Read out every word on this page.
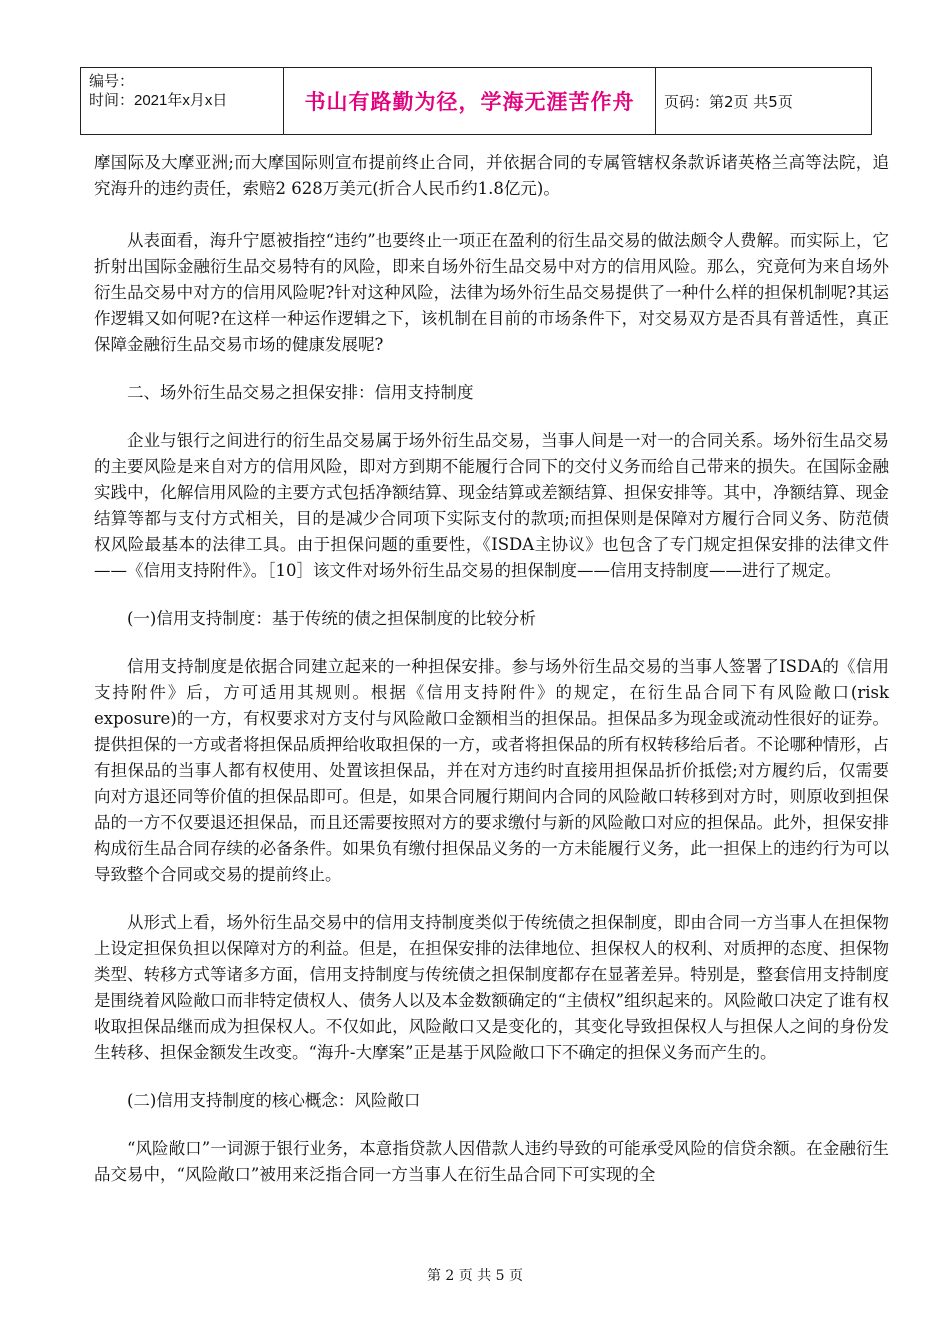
编号：
时间：2021年x月x日	书山有路勤为径，学海无涯苦作舟	页码：第2页 共5页

摩国际及大摩亚洲;而大摩国际则宣布提前终止合同，并依据合同的专属管辖权条款诉诸英格兰高等法院，追究海升的违约责任，索赔2 628万美元(折合人民币约1.8亿元)。

从表面看，海升宁愿被指控“违约”也要终止一项正在盈利的衍生品交易的做法颇令人费解。而实际上，它折射出国际金融衍生品交易特有的风险，即来自场外衍生品交易中对方的信用风险。那么，究竟何为来自场外衍生品交易中对方的信用风险呢?针对这种风险，法律为场外衍生品交易提供了一种什么样的担保机制呢?其运作逻辑又如何呢?在这样一种运作逻辑之下，该机制在目前的市场条件下，对交易双方是否具有普适性，真正保障金融衍生品交易市场的健康发展呢?

二、场外衍生品交易之担保安排：信用支持制度

企业与银行之间进行的衍生品交易属于场外衍生品交易，当事人间是一对一的合同关系。场外衍生品交易的主要风险是来自对方的信用风险，即对方到期不能履行合同下的交付义务而给自己带来的损失。在国际金融实践中，化解信用风险的主要方式包括净额结算、现金结算或差额结算、担保安排等。其中，净额结算、现金结算等都与支付方式相关，目的是减少合同项下实际支付的款项;而担保则是保障对方履行合同义务、防范债权风险最基本的法律工具。由于担保问题的重要性，《ISDA主协议》也包含了专门规定担保安排的法律文件——《信用支持附件》。［10］该文件对场外衍生品交易的担保制度——信用支持制度——进行了规定。

(一)信用支持制度：基于传统的债之担保制度的比较分析

信用支持制度是依据合同建立起来的一种担保安排。参与场外衍生品交易的当事人签署了ISDA的《信用支持附件》后，方可适用其规则。根据《信用支持附件》的规定，在衍生品合同下有风险敞口(risk exposure)的一方，有权要求对方支付与风险敞口金额相当的担保品。担保品多为现金或流动性很好的证券。提供担保的一方或者将担保品质押给收取担保的一方，或者将担保品的所有权转移给后者。不论哪种情形，占有担保品的当事人都有权使用、处置该担保品，并在对方违约时直接用担保品折价抵偿;对方履约后，仅需要向对方退还同等价值的担保品即可。但是，如果合同履行期间内合同的风险敞口转移到对方时，则原收到担保品的一方不仅要退还担保品，而且还需要按照对方的要求缴付与新的风险敞口对应的担保品。此外，担保安排构成衍生品合同存续的必备条件。如果负有缴付担保品义务的一方未能履行义务，此一担保上的违约行为可以导致整个合同或交易的提前终止。

从形式上看，场外衍生品交易中的信用支持制度类似于传统债之担保制度，即由合同一方当事人在担保物上设定担保负担以保障对方的利益。但是，在担保安排的法律地位、担保权人的权利、对质押的态度、担保物类型、转移方式等诸多方面，信用支持制度与传统债之担保制度都存在显著差异。特别是，整套信用支持制度是围绕着风险敞口而非特定债权人、债务人以及本金数额确定的“主债权”组织起来的。风险敞口决定了谁有权收取担保品继而成为担保权人。不仅如此，风险敞口又是变化的，其变化导致担保权人与担保人之间的身份发生转移、担保金额发生改变。“海升-大摩案”正是基于风险敞口下不确定的担保义务而产生的。

(二)信用支持制度的核心概念：风险敞口

“风险敞口”一词源于银行业务，本意指贷款人因借款人违约导致的可能承受风险的信贷余额。在金融衍生品交易中，“风险敞口”被用来泛指合同一方当事人在衍生品合同下可实现的全

第 2 页 共 5 页
